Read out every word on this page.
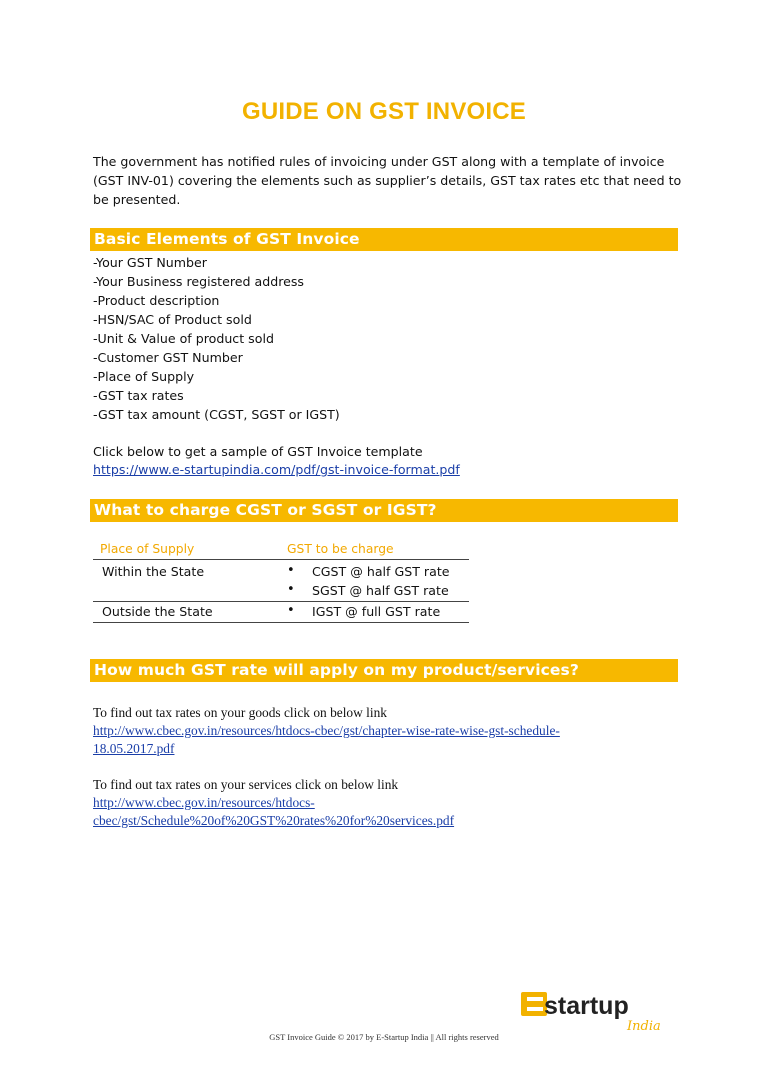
GUIDE ON GST INVOICE
The government has notified rules of invoicing under GST along with a template of invoice (GST INV-01) covering the elements such as supplier’s details, GST tax rates etc that need to be presented.
Basic Elements of GST Invoice
-Your GST Number
-Your Business registered address
-Product description
-HSN/SAC of Product sold
-Unit & Value of product sold
-Customer GST Number
-Place of Supply
-GST tax rates
-GST tax amount (CGST, SGST or IGST)
Click below to get a sample of GST Invoice template
https://www.e-startupindia.com/pdf/gst-invoice-format.pdf
What to charge CGST or SGST or IGST?
Place of Supply	GST to be charge
Within the State	• CGST @ half GST rate
• SGST @ half GST rate
Outside the State	• IGST @ full GST rate
How much GST rate will apply on my product/services?
To find out tax rates on your goods click on below link
http://www.cbec.gov.in/resources/htdocs-cbec/gst/chapter-wise-rate-wise-gst-schedule-
18.05.2017.pdf
To find out tax rates on your services click on below link
http://www.cbec.gov.in/resources/htdocs-
cbec/gst/Schedule%20of%20GST%20rates%20for%20services.pdf
startup
India
GST Invoice Guide © 2017 by E-Startup India || All rights reserved
